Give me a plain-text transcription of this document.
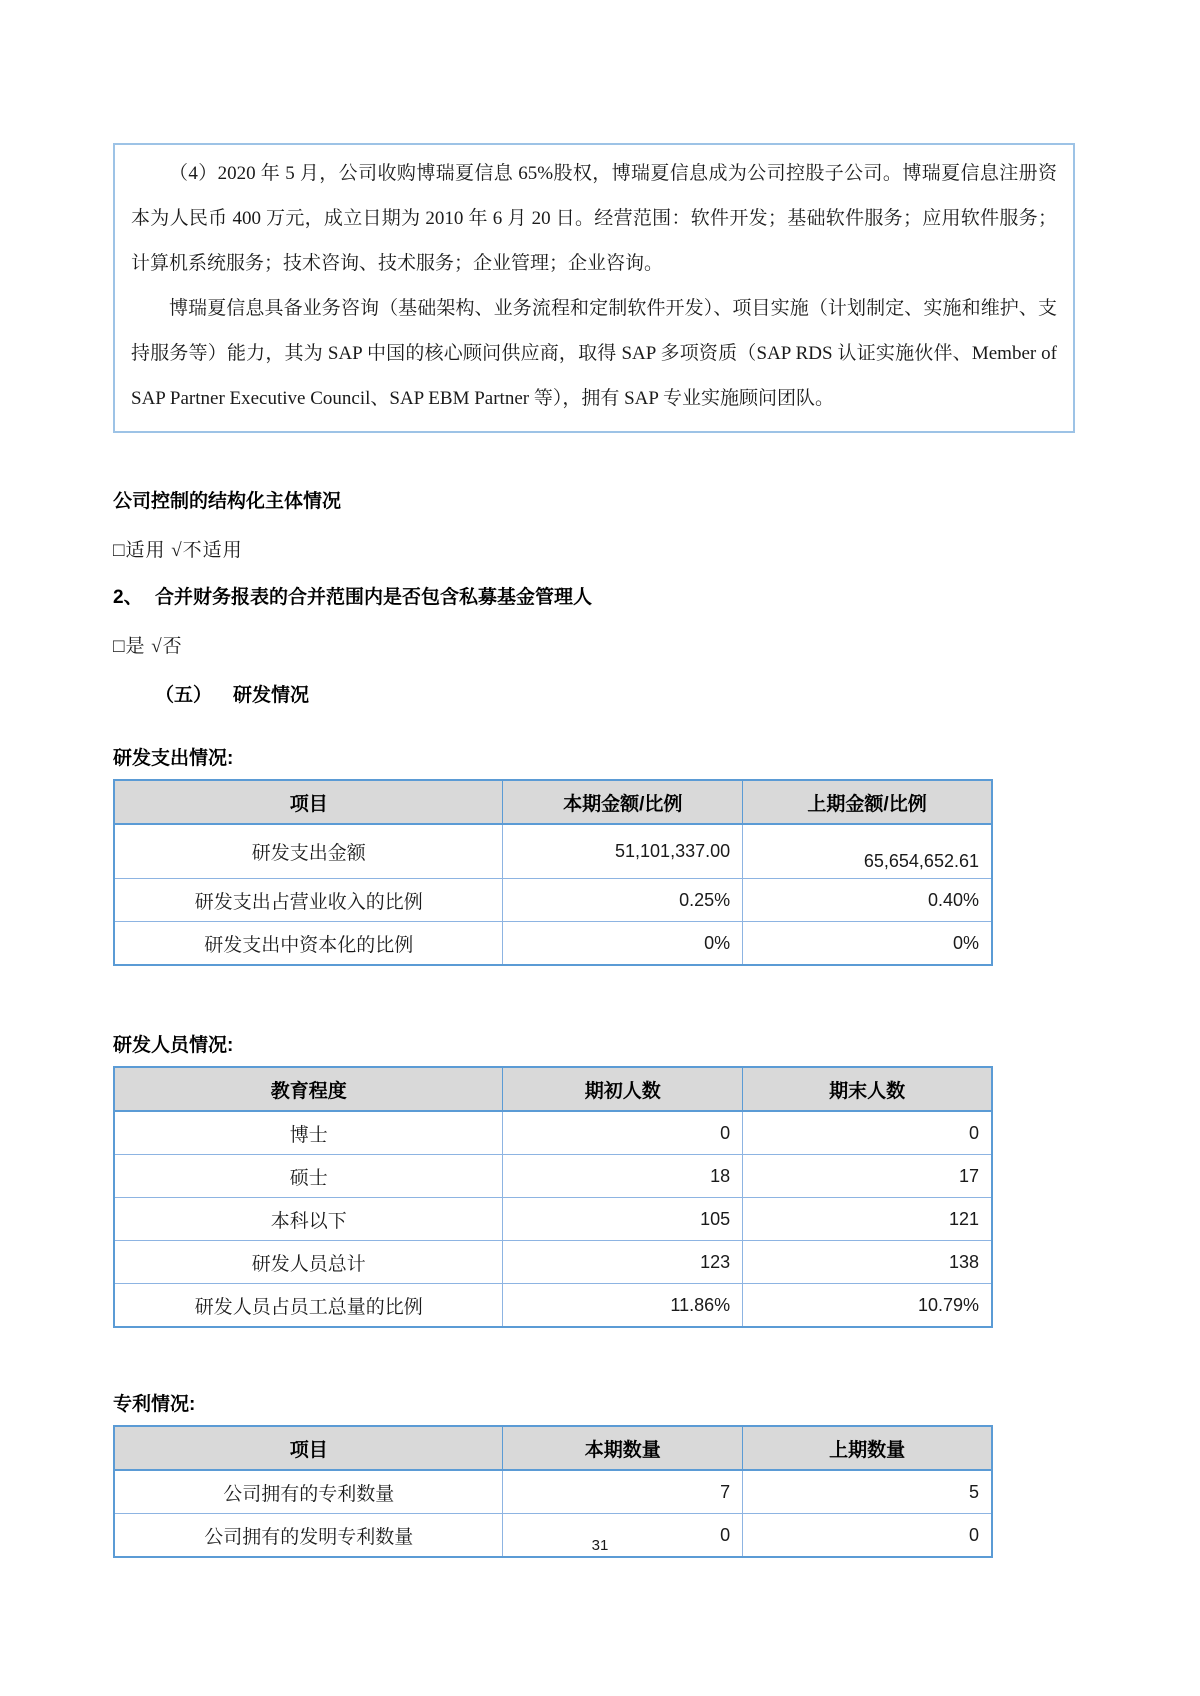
（4）2020 年 5 月，公司收购博瑞夏信息 65%股权，博瑞夏信息成为公司控股子公司。博瑞夏信息注册资本为人民币 400 万元，成立日期为 2010 年 6 月 20 日。经营范围：软件开发；基础软件服务；应用软件服务；计算机系统服务；技术咨询、技术服务；企业管理；企业咨询。

博瑞夏信息具备业务咨询（基础架构、业务流程和定制软件开发）、项目实施（计划制定、实施和维护、支持服务等）能力，其为 SAP 中国的核心顾问供应商，取得 SAP 多项资质（SAP RDS 认证实施伙伴、Member of SAP Partner Executive Council、SAP EBM Partner 等），拥有 SAP 专业实施顾问团队。

公司控制的结构化主体情况
□适用 √不适用
2、 合并财务报表的合并范围内是否包含私募基金管理人
□是 √否
（五）	研发情况
研发支出情况:
项目	本期金额/比例	上期金额/比例
研发支出金额	51,101,337.00	65,654,652.61
研发支出占营业收入的比例	0.25%	0.40%
研发支出中资本化的比例	0%	0%
研发人员情况:
教育程度	期初人数	期末人数
博士	0	0
硕士	18	17
本科以下	105	121
研发人员总计	123	138
研发人员占员工总量的比例	11.86%	10.79%
专利情况:
项目	本期数量	上期数量
公司拥有的专利数量	7	5
公司拥有的发明专利数量	0	0
31
